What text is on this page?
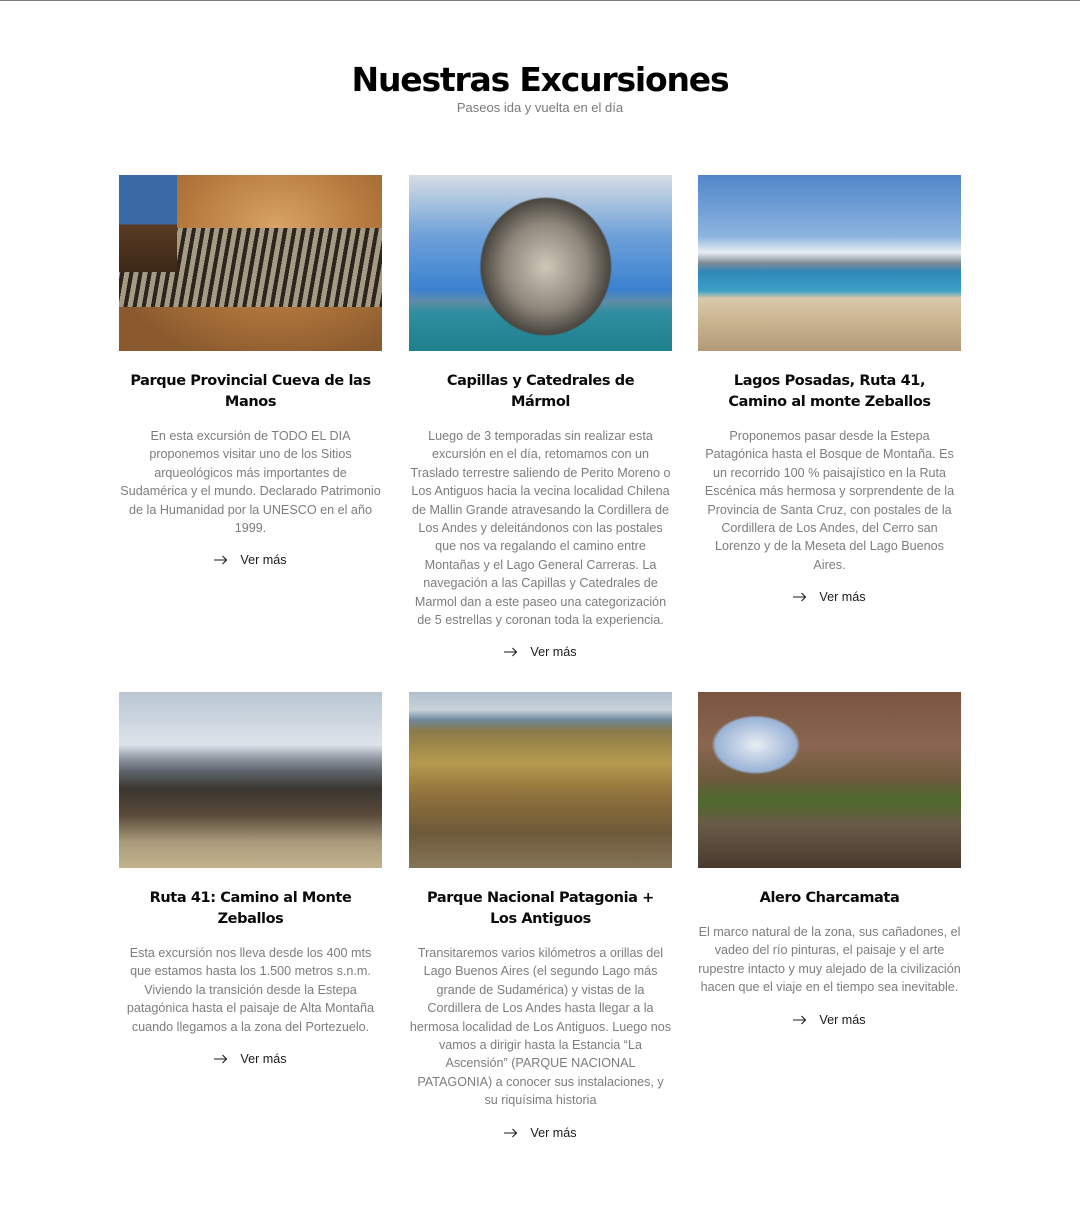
Nuestras Excursiones

Paseos ida y vuelta en el día

Parque Provincial Cueva de las Manos

En esta excursión de TODO EL DIA proponemos visitar uno de los Sitios arqueológicos más importantes de Sudamérica y el mundo. Declarado Patrimonio de la Humanidad por la UNESCO en el año 1999.

Ver más
Capillas y Catedrales de Mármol

Luego de 3 temporadas sin realizar esta excursión en el día, retomamos con un Traslado terrestre saliendo de Perito Moreno o Los Antiguos hacia la vecina localidad Chilena de Mallin Grande atravesando la Cordillera de Los Andes y deleitándonos con las postales que nos va regalando el camino entre Montañas y el Lago General Carreras. La navegación a las Capillas y Catedrales de Marmol dan a este paseo una categorización de 5 estrellas y coronan toda la experiencia.

Ver más
Lagos Posadas, Ruta 41, Camino al monte Zeballos

Proponemos pasar desde la Estepa Patagónica hasta el Bosque de Montaña. Es un recorrido 100 % paisajístico en la Ruta Escénica más hermosa y sorprendente de la Provincia de Santa Cruz, con postales de la Cordillera de Los Andes, del Cerro san Lorenzo y de la Meseta del Lago Buenos Aires.

Ver más
Ruta 41: Camino al Monte Zeballos

Esta excursión nos lleva desde los 400 mts que estamos hasta los 1.500 metros s.n.m. Viviendo la transición desde la Estepa patagónica hasta el paisaje de Alta Montaña cuando llegamos a la zona del Portezuelo.

Ver más
Parque Nacional Patagonia + Los Antiguos

Transitaremos varios kilómetros a orillas del Lago Buenos Aires (el segundo Lago más grande de Sudamérica) y vistas de la Cordillera de Los Andes hasta llegar a la hermosa localidad de Los Antiguos. Luego nos vamos a dirigir hasta la Estancia “La Ascensión” (PARQUE NACIONAL PATAGONIA) a conocer sus instalaciones, y su riquísima historia

Ver más
Alero Charcamata

El marco natural de la zona, sus cañadones, el vadeo del río pinturas, el paisaje y el arte rupestre intacto y muy alejado de la civilización hacen que el viaje en el tiempo sea inevitable.

Ver más
